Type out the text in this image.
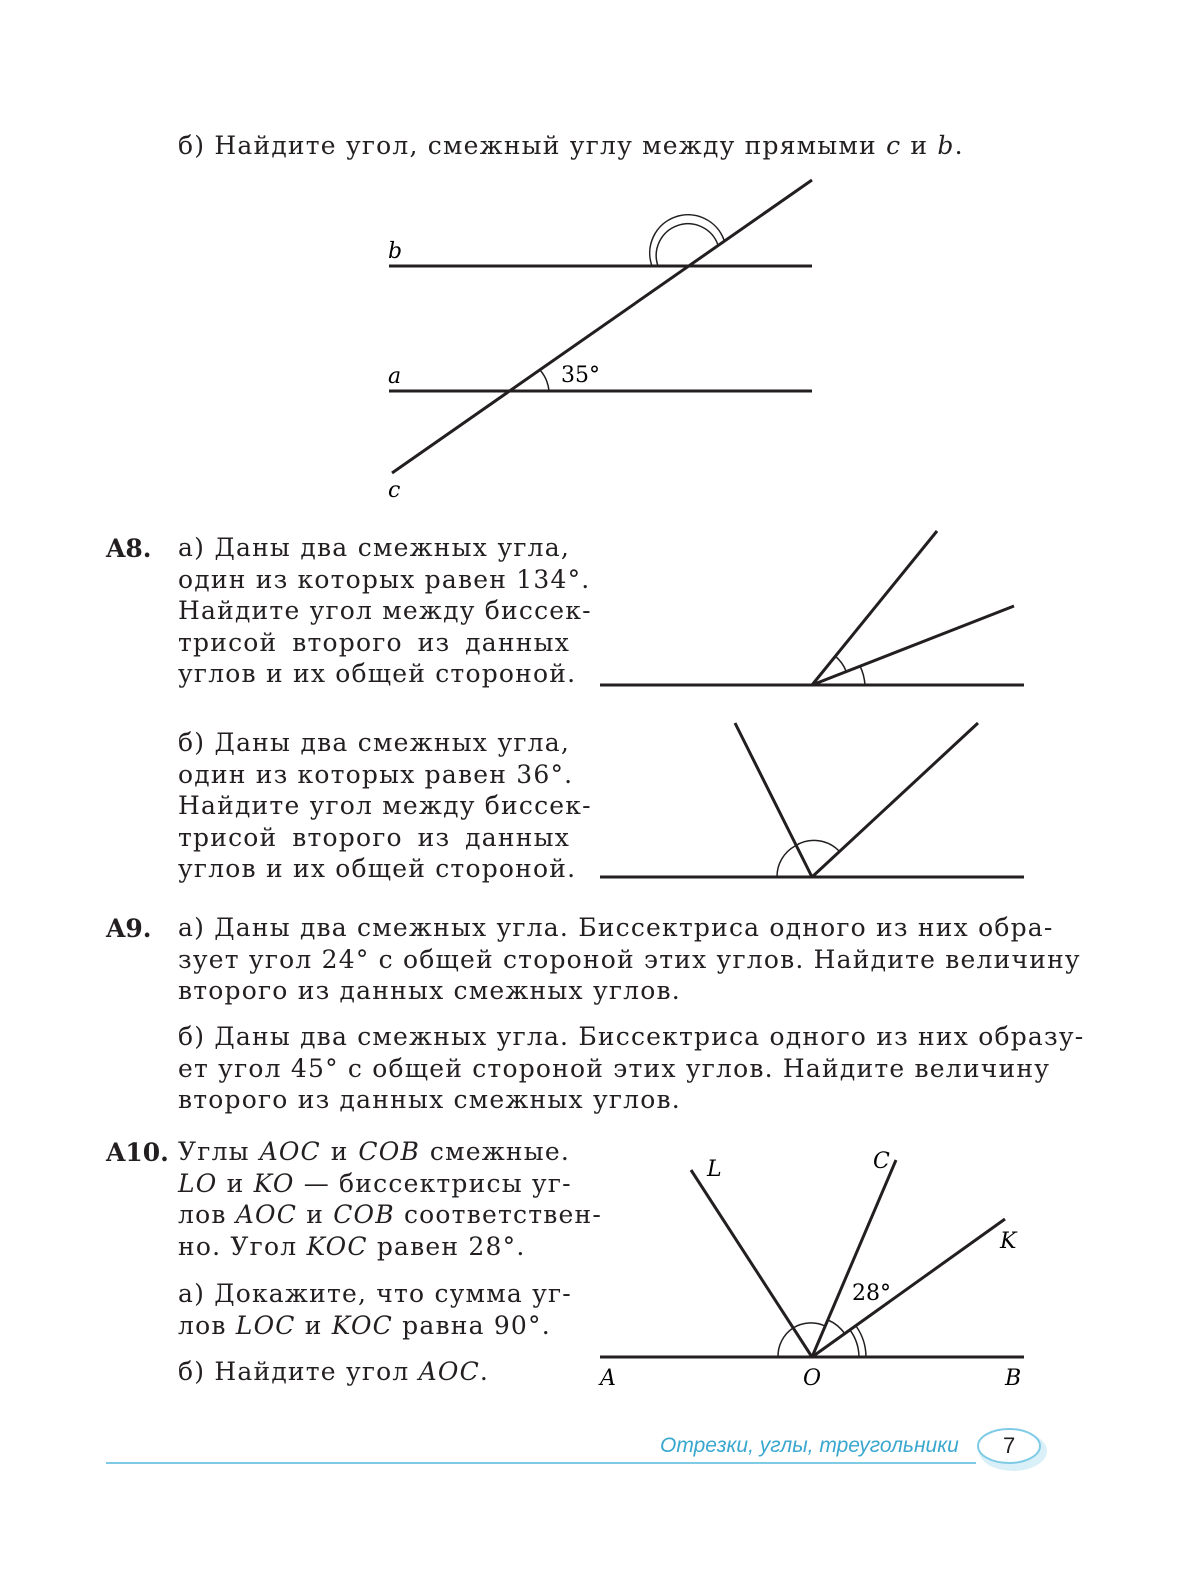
б) Найдите угол, смежный углу между прямыми c и b.
b
a
c
35°
A8. а) Даны два смежных угла,
один из которых равен 134°.
Найдите угол между биссек-
трисой второго из данных
углов и их общей стороной.
б) Даны два смежных угла,
один из которых равен 36°.
Найдите угол между биссек-
трисой второго из данных
углов и их общей стороной.
A9. а) Даны два смежных угла. Биссектриса одного из них обра-
зует угол 24° с общей стороной этих углов. Найдите величину
второго из данных смежных углов.
б) Даны два смежных угла. Биссектриса одного из них образу-
ет угол 45° с общей стороной этих углов. Найдите величину
второго из данных смежных углов.
A10. Углы AOC и COB смежные.
LO и KO — биссектрисы уг-
лов AOC и COB соответствен-
но. Угол KOC равен 28°.
а) Докажите, что сумма уг-
лов LOC и KOC равна 90°.
б) Найдите угол AOC.
L	C
K
A	O	B
28°
Отрезки, углы, треугольники 7
